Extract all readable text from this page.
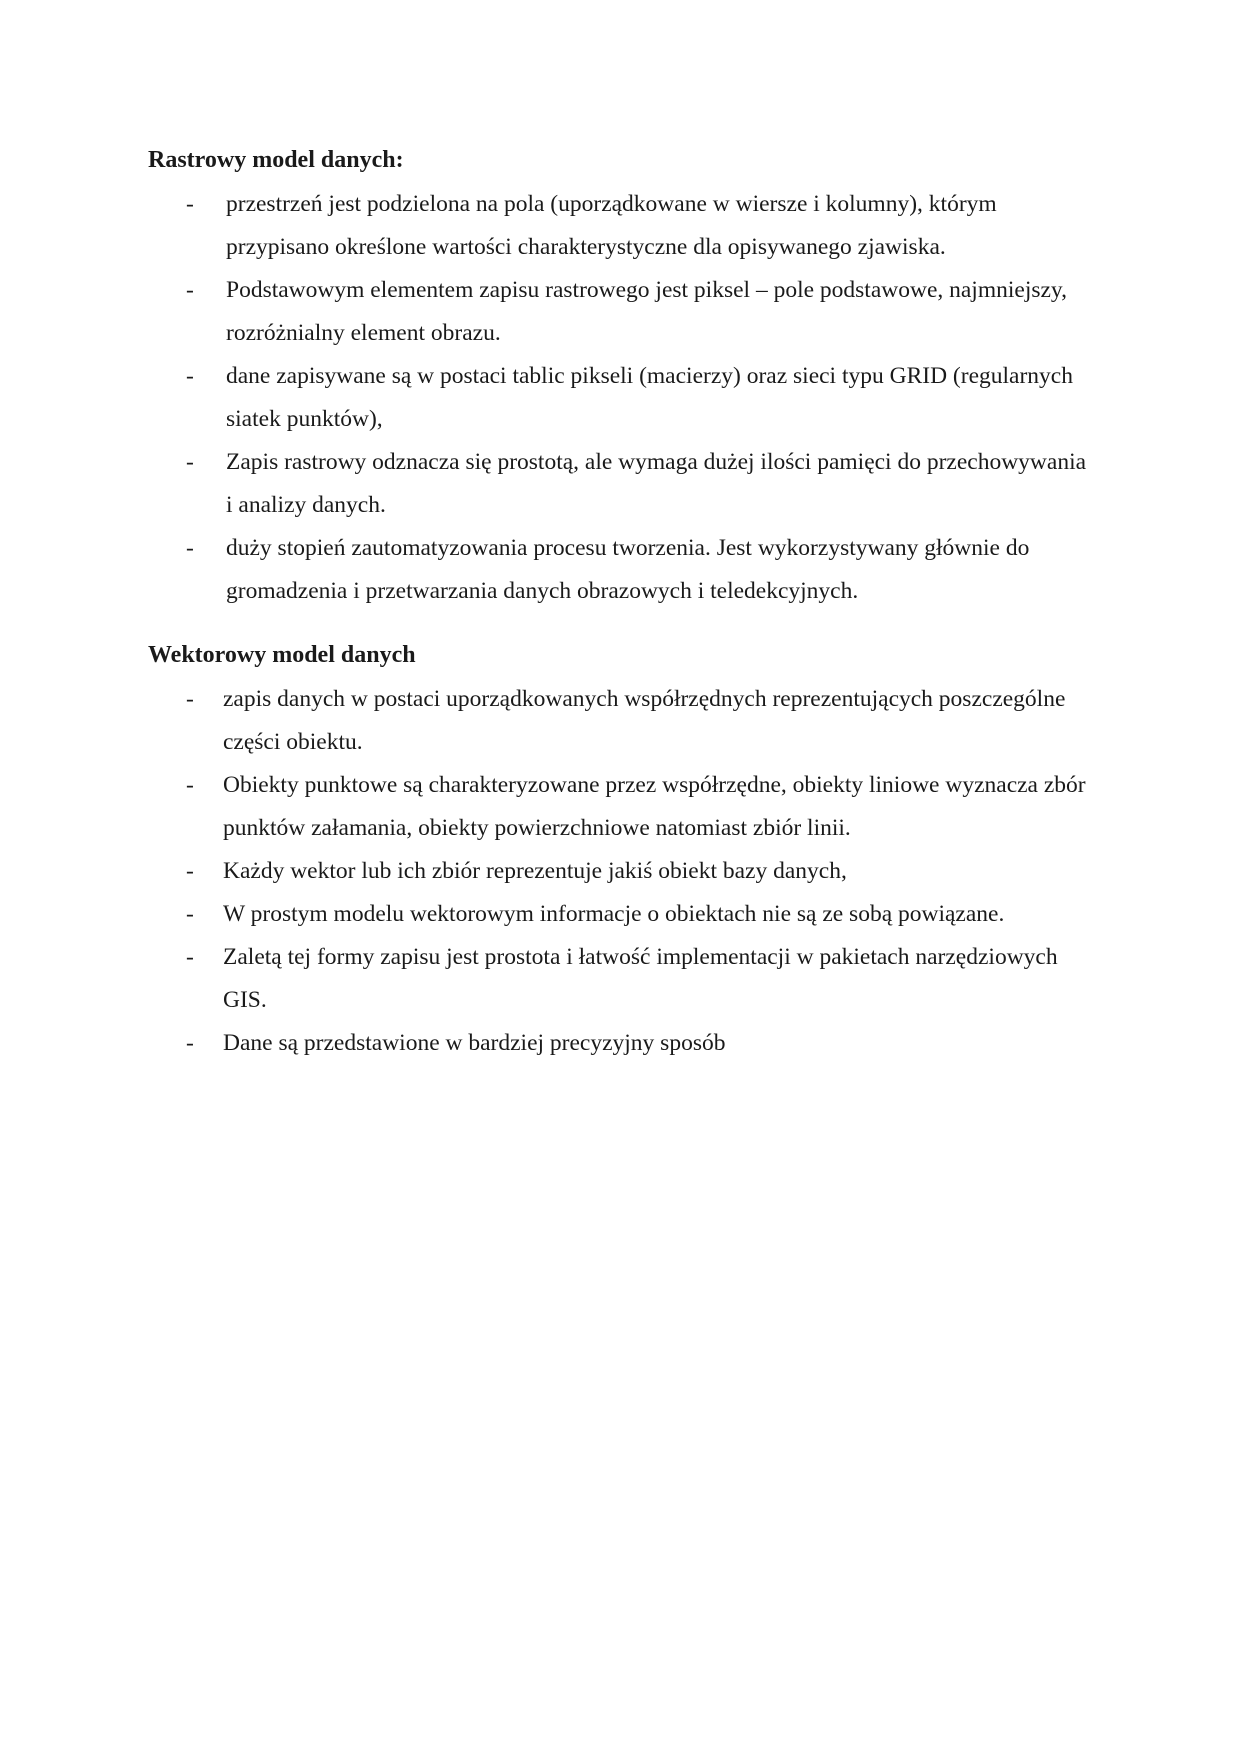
Rastrowy model danych:
- przestrzeń jest podzielona na pola (uporządkowane w wiersze i kolumny), którym przypisano określone wartości charakterystyczne dla opisywanego zjawiska.
- Podstawowym elementem zapisu rastrowego jest piksel – pole podstawowe, najmniejszy, rozróżnialny element obrazu.
- dane zapisywane są w postaci tablic pikseli (macierzy) oraz sieci typu GRID (regularnych siatek punktów),
- Zapis rastrowy odznacza się prostotą, ale wymaga dużej ilości pamięci do przechowywania i analizy danych.
- duży stopień zautomatyzowania procesu tworzenia. Jest wykorzystywany głównie do gromadzenia i przetwarzania danych obrazowych i teledekcyjnych.
Wektorowy model danych
- zapis danych w postaci uporządkowanych współrzędnych reprezentujących poszczególne części obiektu.
- Obiekty punktowe są charakteryzowane przez współrzędne, obiekty liniowe wyznacza zbór punktów załamania, obiekty powierzchniowe natomiast zbiór linii.
- Każdy wektor lub ich zbiór reprezentuje jakiś obiekt bazy danych,
- W prostym modelu wektorowym informacje o obiektach nie są ze sobą powiązane.
- Zaletą tej formy zapisu jest prostota i łatwość implementacji w pakietach narzędziowych GIS.
- Dane są przedstawione w bardziej precyzyjny sposób
